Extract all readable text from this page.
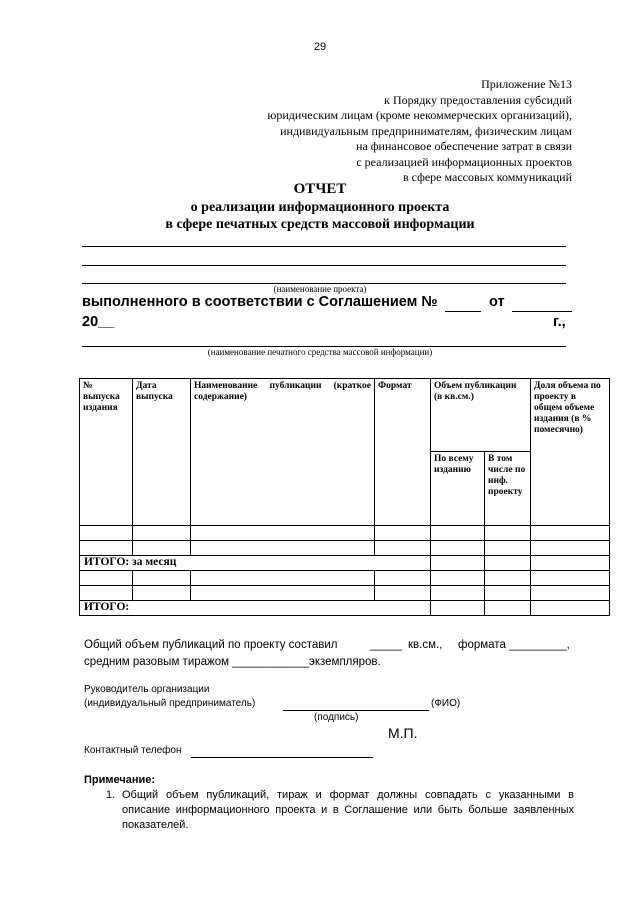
29
Приложение №13
к Порядку предоставления субсидий
юридическим лицам (кроме некоммерческих организаций),
индивидуальным предпринимателям, физическим лицам
на финансовое обеспечение затрат в связи
с реализацией информационных проектов
в сфере массовых коммуникаций
ОТЧЕТ
о реализации информационного проекта
в сфере печатных средств массовой информации
(наименование проекта)
выполненного в соответствии с Соглашением №	от
20__	г.,
(наименование печатного средства массовой информации)
№ выпуска издания	Дата выпуска	Наименование публикации (краткое содержание)	Формат	Объем публикации (в кв.см.)		Доля объема по проекту в общем объеме издания (в % помесячно)
				По всему изданию	В том числе по инф. проекту	

ИТОГО: за месяц						

ИТОГО:						
Общий объем публикаций по проекту составил	_____ кв.см., формата _________,
средним разовым тиражом ____________экземпляров.
Руководитель организации
(индивидуальный предприниматель)	(ФИО)
(подпись)
М.П.
Контактный телефон
Примечание:
1. Общий объем публикаций, тираж и формат должны совпадать с указанными в описание информационного проекта и в Соглашение или быть больше заявленных показателей.
